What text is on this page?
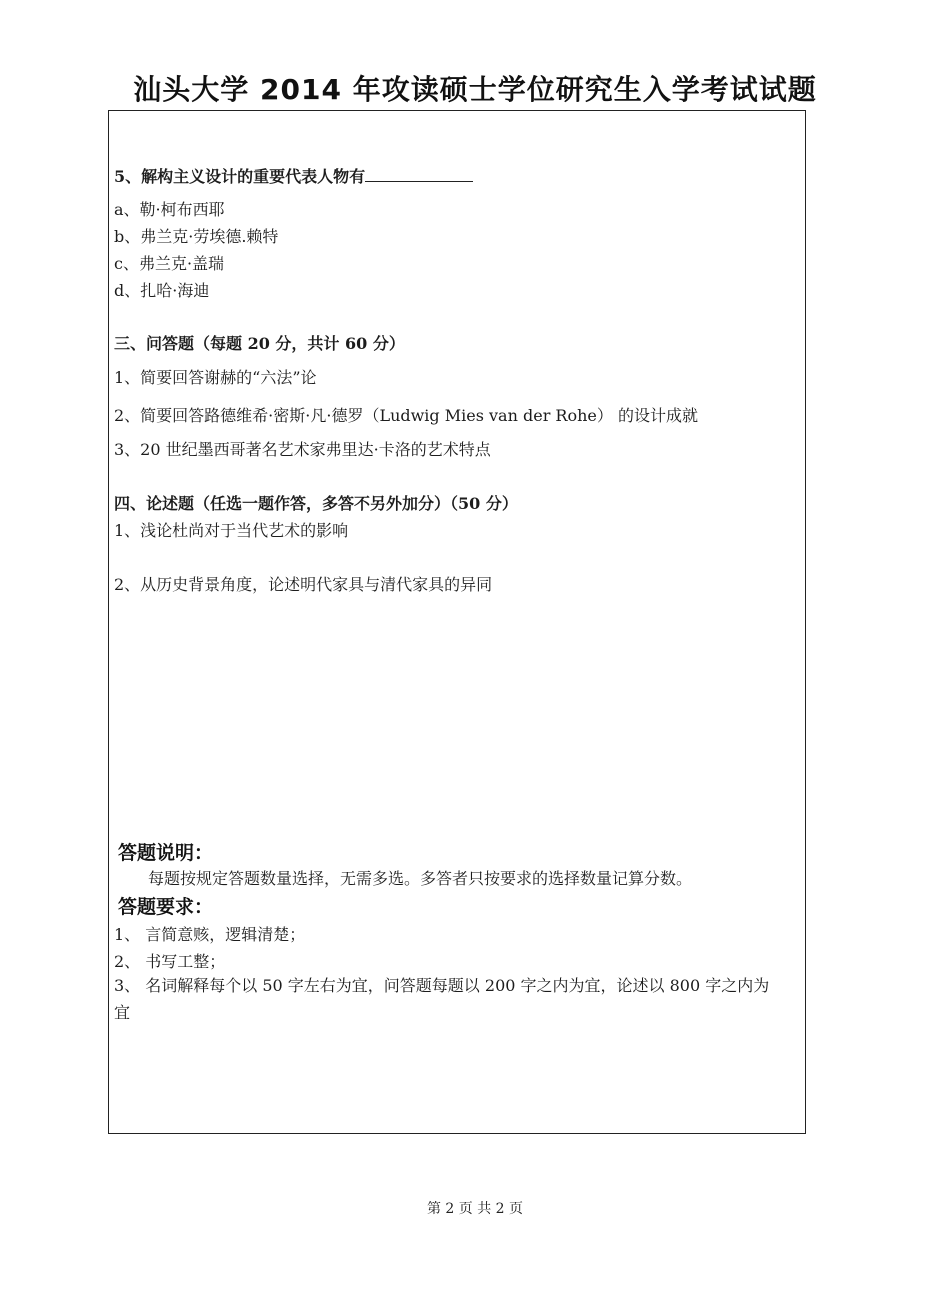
汕头大学 2014 年攻读硕士学位研究生入学考试试题
5、解构主义设计的重要代表人物有
a、勒·柯布西耶
b、弗兰克·劳埃德.赖特
c、弗兰克·盖瑞
d、扎哈·海迪
三、问答题（每题 20 分，共计 60 分）
1、简要回答谢赫的“六法”论
2、简要回答路德维希·密斯·凡·德罗（Ludwig Mies van der Rohe） 的设计成就
3、20 世纪墨西哥著名艺术家弗里达·卡洛的艺术特点
四、论述题（任选一题作答，多答不另外加分）（50 分）
1、浅论杜尚对于当代艺术的影响
2、从历史背景角度，论述明代家具与清代家具的异同
答题说明：
每题按规定答题数量选择，无需多选。多答者只按要求的选择数量记算分数。
答题要求：
1、 言简意赅，逻辑清楚；
2、 书写工整；
3、 名词解释每个以 50 字左右为宜，问答题每题以 200 字之内为宜，论述以 800 字之内为宜
第 2 页 共 2 页
